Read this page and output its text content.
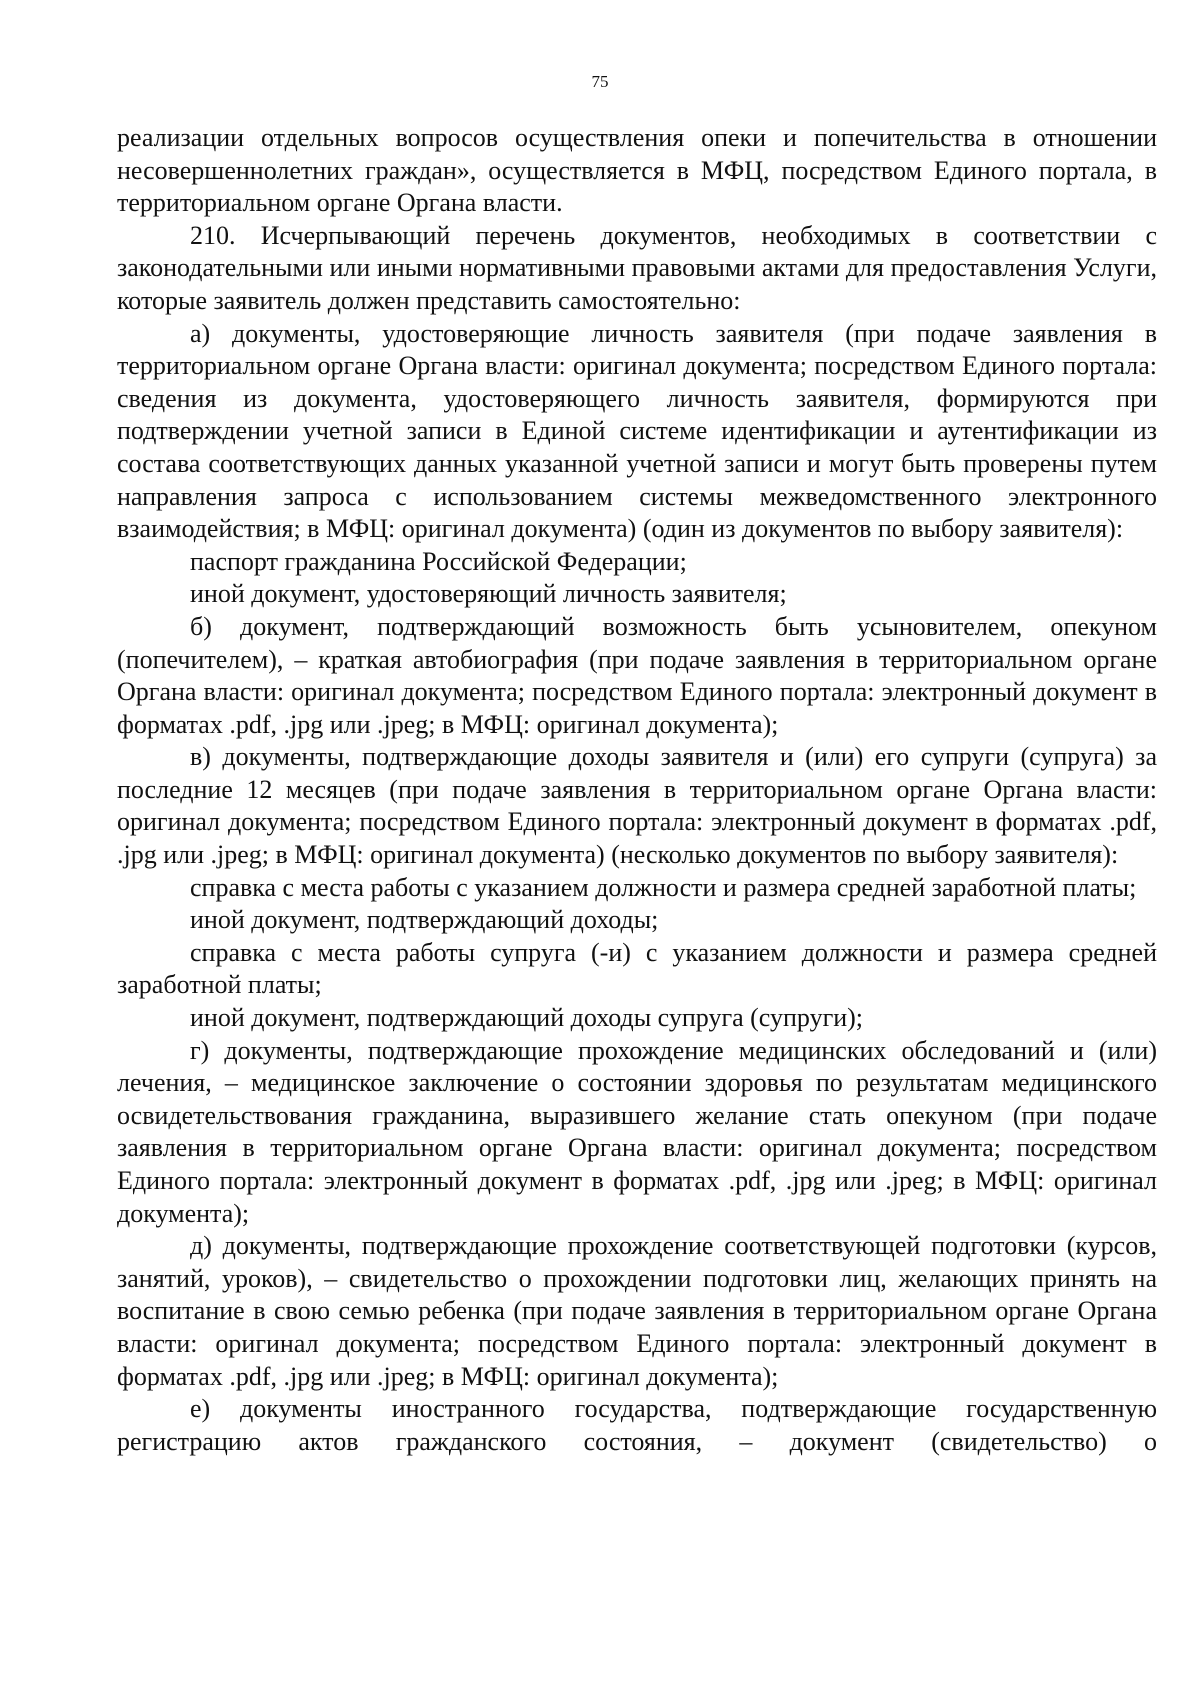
75

реализации отдельных вопросов осуществления опеки и попечительства в отношении несовершеннолетних граждан», осуществляется в МФЦ, посредством Единого портала, в территориальном органе Органа власти.

210. Исчерпывающий перечень документов, необходимых в соответствии с законодательными или иными нормативными правовыми актами для предоставления Услуги, которые заявитель должен представить самостоятельно:

а) документы, удостоверяющие личность заявителя (при подаче заявления в территориальном органе Органа власти: оригинал документа; посредством Единого портала: сведения из документа, удостоверяющего личность заявителя, формируются при подтверждении учетной записи в Единой системе идентификации и аутентификации из состава соответствующих данных указанной учетной записи и могут быть проверены путем направления запроса с использованием системы межведомственного электронного взаимодействия; в МФЦ: оригинал документа) (один из документов по выбору заявителя):

паспорт гражданина Российской Федерации;

иной документ, удостоверяющий личность заявителя;

б) документ, подтверждающий возможность быть усыновителем, опекуном (попечителем), – краткая автобиография (при подаче заявления в территориальном органе Органа власти: оригинал документа; посредством Единого портала: электронный документ в форматах .pdf, .jpg или .jpeg; в МФЦ: оригинал документа);

в) документы, подтверждающие доходы заявителя и (или) его супруги (супруга) за последние 12 месяцев (при подаче заявления в территориальном органе Органа власти: оригинал документа; посредством Единого портала: электронный документ в форматах .pdf, .jpg или .jpeg; в МФЦ: оригинал документа) (несколько документов по выбору заявителя):

справка с места работы с указанием должности и размера средней заработной платы;

иной документ, подтверждающий доходы;

справка с места работы супруга (-и) с указанием должности и размера средней заработной платы;

иной документ, подтверждающий доходы супруга (супруги);

г) документы, подтверждающие прохождение медицинских обследований и (или) лечения, – медицинское заключение о состоянии здоровья по результатам медицинского освидетельствования гражданина, выразившего желание стать опекуном (при подаче заявления в территориальном органе Органа власти: оригинал документа; посредством Единого портала: электронный документ в форматах .pdf, .jpg или .jpeg; в МФЦ: оригинал документа);

д) документы, подтверждающие прохождение соответствующей подготовки (курсов, занятий, уроков), – свидетельство о прохождении подготовки лиц, желающих принять на воспитание в свою семью ребенка (при подаче заявления в территориальном органе Органа власти: оригинал документа; посредством Единого портала: электронный документ в форматах .pdf, .jpg или .jpeg; в МФЦ: оригинал документа);

е) документы иностранного государства, подтверждающие государственную регистрацию актов гражданского состояния, – документ (свидетельство) о
